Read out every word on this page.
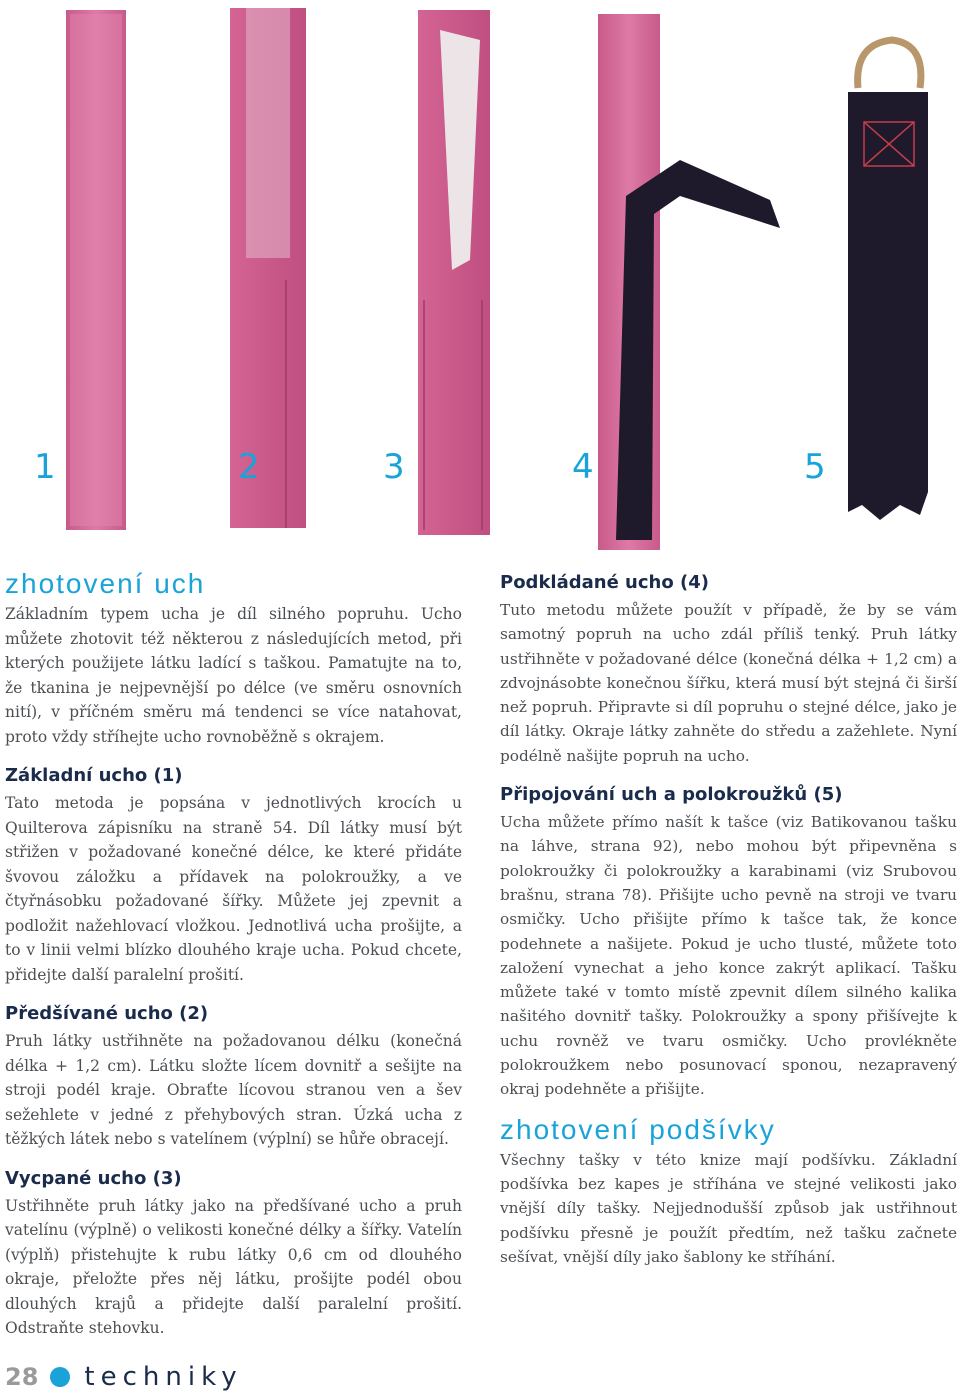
1	2	3	4	5
zhotovení uch

Základním typem ucha je díl silného popruhu. Ucho můžete zhotovit též některou z následujících metod, při kterých použijete látku ladící s taškou. Pamatujte na to, že tkanina je nejpevnější po délce (ve směru osnovních nití), v příčném směru má tendenci se více natahovat, proto vždy stříhejte ucho rovnoběžně s okrajem.

Základní ucho (1)

Tato metoda je popsána v jednotlivých krocích u Quilterova zápisníku na straně 54. Díl látky musí být střižen v požadované konečné délce, ke které přidáte švovou záložku a přídavek na polokroužky, a ve čtyřnásobku požadované šířky. Můžete jej zpevnit a podložit nažehlovací vložkou. Jednotlivá ucha prošijte, a to v linii velmi blízko dlouhého kraje ucha. Pokud chcete, přidejte další paralelní prošití.

Předšívané ucho (2)

Pruh látky ustřihněte na požadovanou délku (konečná délka + 1,2 cm). Látku složte lícem dovnitř a sešijte na stroji podél kraje. Obraťte lícovou stranou ven a šev sežehlete v jedné z přehybových stran. Úzká ucha z těžkých látek nebo s vatelínem (výplní) se hůře obracejí.

Vycpané ucho (3)

Ustřihněte pruh látky jako na předšívané ucho a pruh vatelínu (výplně) o velikosti konečné délky a šířky. Vatelín (výplň) přistehujte k rubu látky 0,6 cm od dlouhého okraje, přeložte přes něj látku, prošijte podél obou dlouhých krajů a přidejte další paralelní prošití. Odstraňte stehovku.

Podkládané ucho (4)

Tuto metodu můžete použít v případě, že by se vám samotný popruh na ucho zdál příliš tenký. Pruh látky ustřihněte v požadované délce (konečná délka + 1,2 cm) a zdvojnásobte konečnou šířku, která musí být stejná či širší než popruh. Připravte si díl popruhu o stejné délce, jako je díl látky. Okraje látky zahněte do středu a zažehlete. Nyní podélně našijte popruh na ucho.

Připojování uch a polokroužků (5)

Ucha můžete přímo našít k tašce (viz Batikovanou tašku na láhve, strana 92), nebo mohou být připevněna s polokroužky či polokroužky a karabinami (viz Srubovou brašnu, strana 78). Přišijte ucho pevně na stroji ve tvaru osmičky. Ucho přišijte přímo k tašce tak, že konce podehnete a našijete. Pokud je ucho tlusté, můžete toto založení vynechat a jeho konce zakrýt aplikací. Tašku můžete také v tomto místě zpevnit dílem silného kalika našitého dovnitř tašky. Polokroužky a spony přišívejte k uchu rovněž ve tvaru osmičky. Ucho provlékněte polokroužkem nebo posunovací sponou, nezapravený okraj podehněte a přišijte.

zhotovení podšívky

Všechny tašky v této knize mají podšívku. Základní podšívka bez kapes je stříhána ve stejné velikosti jako vnější díly tašky. Nejjednodušší způsob jak ustřihnout podšívku přesně je použít předtím, než tašku začnete sešívat, vnější díly jako šablony ke stříhání.

28 techniky
